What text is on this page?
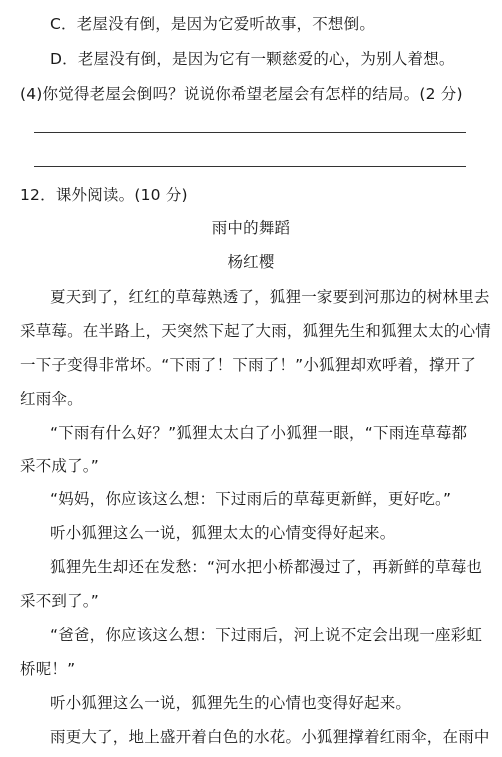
C．老屋没有倒，是因为它爱听故事，不想倒。
D．老屋没有倒，是因为它有一颗慈爱的心，为别人着想。
(4)你觉得老屋会倒吗？说说你希望老屋会有怎样的结局。(2 分)
12．课外阅读。(10 分)
雨中的舞蹈
杨红樱
夏天到了，红红的草莓熟透了，狐狸一家要到河那边的树林里去
采草莓。在半路上，天突然下起了大雨，狐狸先生和狐狸太太的心情
一下子变得非常坏。“下雨了！下雨了！”小狐狸却欢呼着，撑开了
红雨伞。
“下雨有什么好？”狐狸太太白了小狐狸一眼，“下雨连草莓都
采不成了。”
“妈妈，你应该这么想：下过雨后的草莓更新鲜，更好吃。”
听小狐狸这么一说，狐狸太太的心情变得好起来。
狐狸先生却还在发愁：“河水把小桥都漫过了，再新鲜的草莓也
采不到了。”
“爸爸，你应该这么想：下过雨后，河上说不定会出现一座彩虹
桥呢！”
听小狐狸这么一说，狐狸先生的心情也变得好起来。
雨更大了，地上盛开着白色的水花。小狐狸撑着红雨伞，在雨中
